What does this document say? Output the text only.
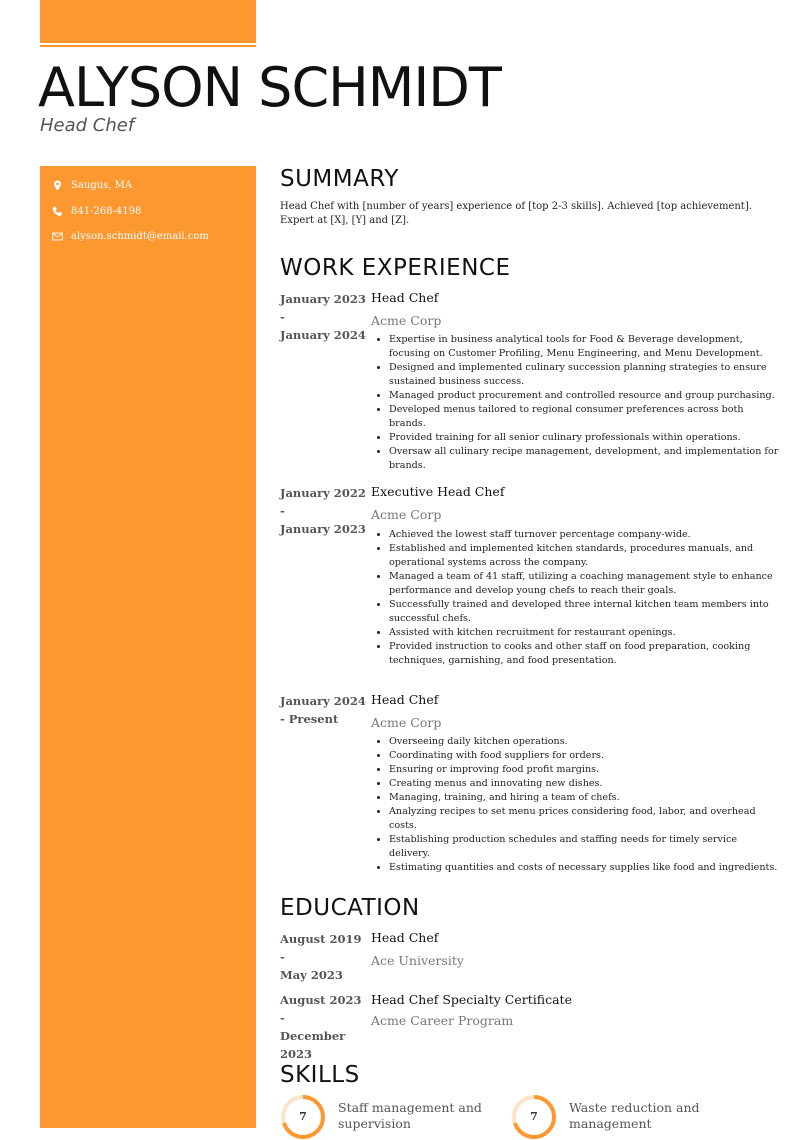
ALYSON SCHMIDT
Head Chef
Saugus, MA
841-268-4198
alyson.schmidt@email.com
SUMMARY
Head Chef with [number of years] experience of [top 2-3 skills]. Achieved [top achievement]. Expert at [X], [Y] and [Z].
WORK EXPERIENCE
January 2023
-
January 2024
Head Chef
Acme Corp
• Expertise in business analytical tools for Food & Beverage development, focusing on Customer Profiling, Menu Engineering, and Menu Development.
• Designed and implemented culinary succession planning strategies to ensure sustained business success.
• Managed product procurement and controlled resource and group purchasing.
• Developed menus tailored to regional consumer preferences across both brands.
• Provided training for all senior culinary professionals within operations.
• Oversaw all culinary recipe management, development, and implementation for brands.
January 2022
-
January 2023
Executive Head Chef
Acme Corp
• Achieved the lowest staff turnover percentage company-wide.
• Established and implemented kitchen standards, procedures manuals, and operational systems across the company.
• Managed a team of 41 staff, utilizing a coaching management style to enhance performance and develop young chefs to reach their goals.
• Successfully trained and developed three internal kitchen team members into successful chefs.
• Assisted with kitchen recruitment for restaurant openings.
• Provided instruction to cooks and other staff on food preparation, cooking techniques, garnishing, and food presentation.
January 2024
- Present
Head Chef
Acme Corp
• Overseeing daily kitchen operations.
• Coordinating with food suppliers for orders.
• Ensuring or improving food profit margins.
• Creating menus and innovating new dishes.
• Managing, training, and hiring a team of chefs.
• Analyzing recipes to set menu prices considering food, labor, and overhead costs.
• Establishing production schedules and staffing needs for timely service delivery.
• Estimating quantities and costs of necessary supplies like food and ingredients.
EDUCATION
August 2019 -
May 2023
Head Chef
Ace University
August 2023 -
December 2023
Head Chef Specialty Certificate
Acme Career Program
SKILLS
7
Staff management and supervision	7
Waste reduction and management
